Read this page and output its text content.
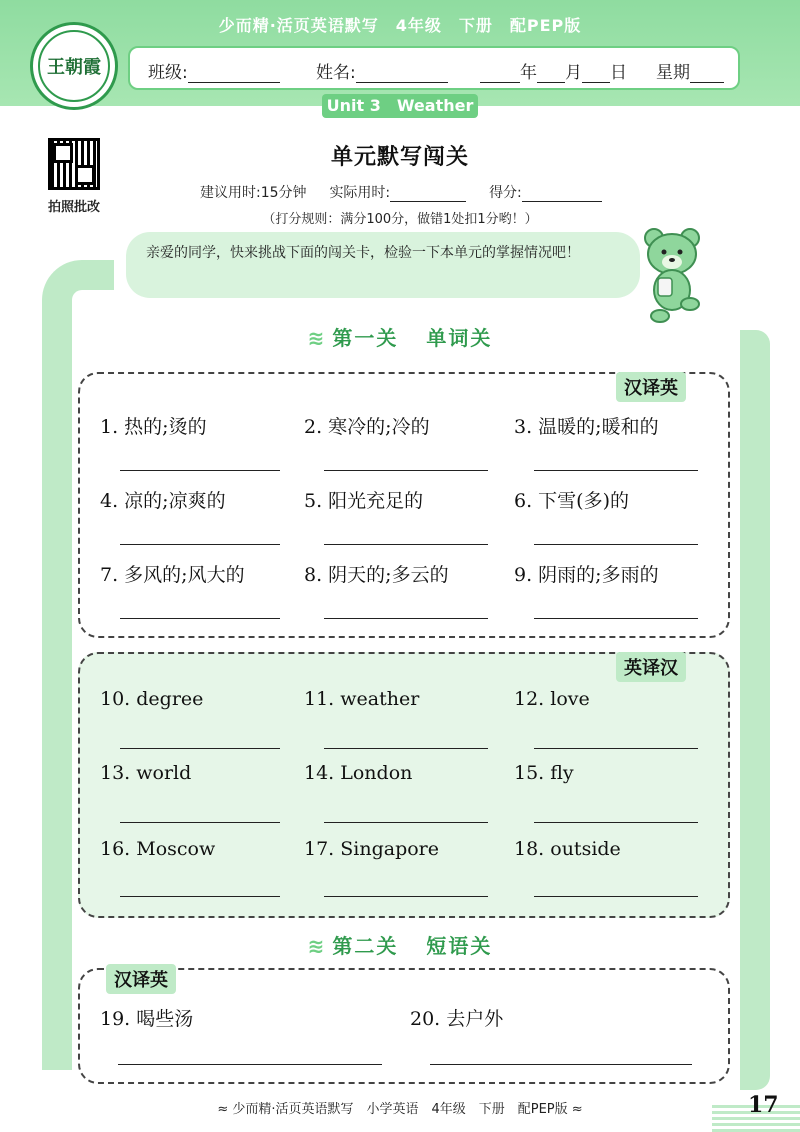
少而精·活页英语默写　4年级　下册　配PEP版
王朝霞	班级:	姓名:	年 月 日 星期
Unit 3　Weather
拍照批改
单元默写闯关
建议用时:15分钟 实际用时:	得分:
（打分规则：满分100分，做错1处扣1分哟！）
亲爱的同学，快来挑战下面的闯关卡，检验一下本单元的掌握情况吧！
≋ 第一关 单词关
汉译英
1. 热的;烫的	2. 寒冷的;冷的	3. 温暖的;暖和的
4. 凉的;凉爽的	5. 阳光充足的	6. 下雪(多)的
7. 多风的;风大的	8. 阴天的;多云的	9. 阴雨的;多雨的
英译汉
10. degree	11. weather	12. love
13. world	14. London	15. fly
16. Moscow	17. Singapore	18. outside
≋ 第二关 短语关
汉译英
19. 喝些汤	20. 去户外
≈ 少而精·活页英语默写　小学英语　4年级　下册　配PEP版 ≈	17
